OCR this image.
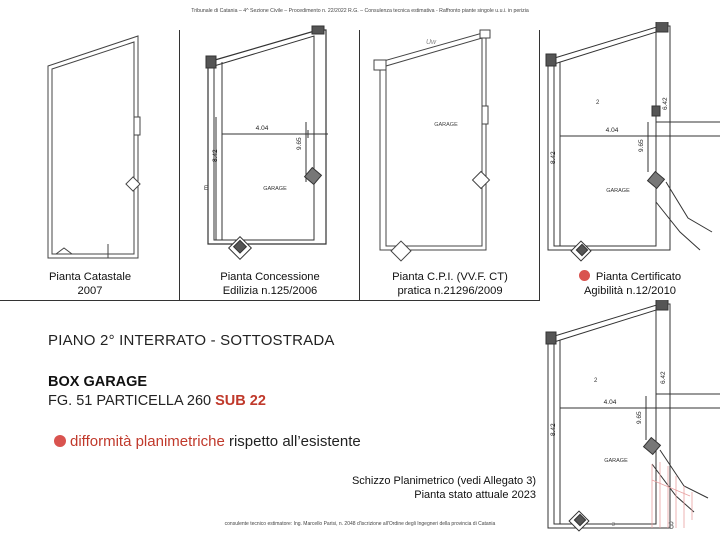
Tribunale di Catania – 4^ Sezione Civile – Procedimento n. 22/2022 R.G. – Consulenza tecnica estimativa - Raffronto piante singole u.u.i. in perizia
Pianta Catastale
2007
4.04
8.42
9.65
GARAGE
E
Pianta Concessione
Edilizia n.125/2006
GARAGE
Uw
Pianta C.P.I. (VV.F. CT)
pratica n.21296/2009
2
4.04
8.42
9.65
6.42
GARAGE
Pianta Certificato
Agibilità n.12/2010
PIANO 2° INTERRATO - SOTTOSTRADA
BOX GARAGE
FG. 51 PARTICELLA 260 SUB 22
difformità planimetriche rispetto all’esistente
Schizzo Planimetrico (vedi Allegato 3)
Pianta stato attuale 2023
2
4.04
8.42
9.65
6.42
GARAGE
3
consulente tecnico estimatore: Ing. Marcello Parisi, n. 2048 d'iscrizione all'Ordine degli Ingegneri della provincia di Catania	3
